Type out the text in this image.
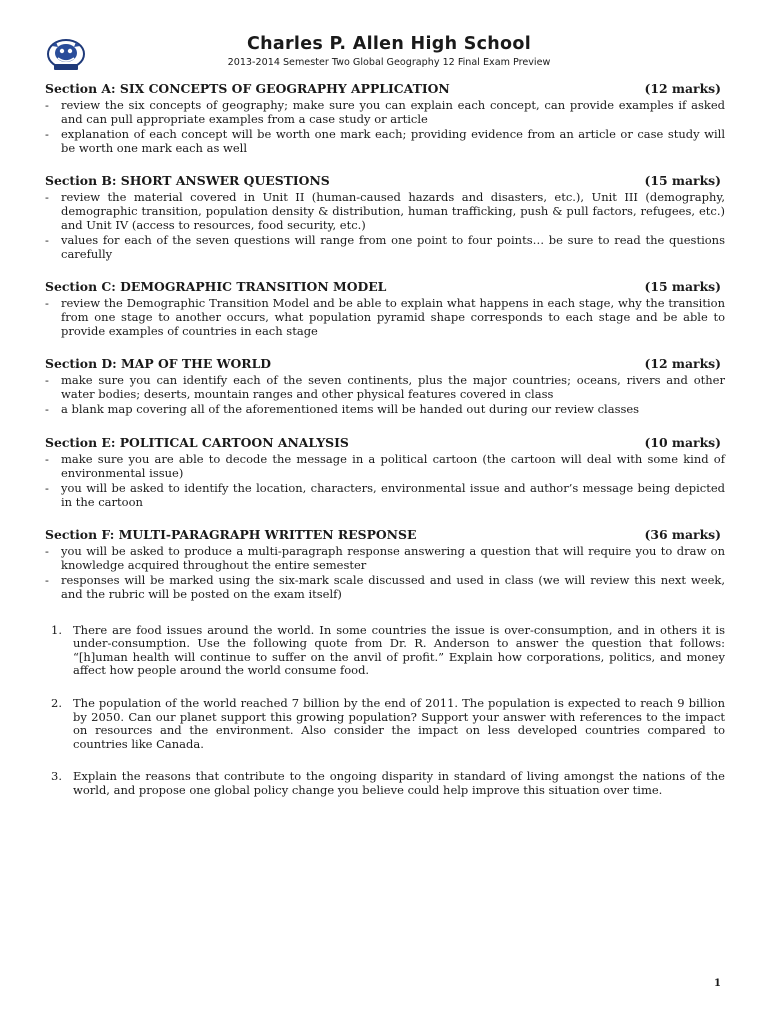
Charles P. Allen High School
2013-2014 Semester Two Global Geography 12 Final Exam Preview
Section A: SIX CONCEPTS OF GEOGRAPHY APPLICATION	(12 marks)
- review the six concepts of geography; make sure you can explain each concept, can provide examples if asked and can pull appropriate examples from a case study or article
- explanation of each concept will be worth one mark each; providing evidence from an article or case study will be worth one mark each as well
Section B: SHORT ANSWER QUESTIONS	(15 marks)
- review the material covered in Unit II (human-caused hazards and disasters, etc.), Unit III (demography, demographic transition, population density & distribution, human trafficking, push & pull factors, refugees, etc.) and Unit IV (access to resources, food security, etc.)
- values for each of the seven questions will range from one point to four points… be sure to read the questions carefully
Section C: DEMOGRAPHIC TRANSITION MODEL	(15 marks)
- review the Demographic Transition Model and be able to explain what happens in each stage, why the transition from one stage to another occurs, what population pyramid shape corresponds to each stage and be able to provide examples of countries in each stage
Section D: MAP OF THE WORLD	(12 marks)
- make sure you can identify each of the seven continents, plus the major countries; oceans, rivers and other water bodies; deserts, mountain ranges and other physical features covered in class
- a blank map covering all of the aforementioned items will be handed out during our review classes
Section E: POLITICAL CARTOON ANALYSIS	(10 marks)
- make sure you are able to decode the message in a political cartoon (the cartoon will deal with some kind of environmental issue)
- you will be asked to identify the location, characters, environmental issue and author’s message being depicted in the cartoon
Section F: MULTI-PARAGRAPH WRITTEN RESPONSE	(36 marks)
- you will be asked to produce a multi-paragraph response answering a question that will require you to draw on knowledge acquired throughout the entire semester
- responses will be marked using the six-mark scale discussed and used in class (we will review this next week, and the rubric will be posted on the exam itself)
1. There are food issues around the world. In some countries the issue is over-consumption, and in others it is under-consumption. Use the following quote from Dr. R. Anderson to answer the question that follows: “[h]uman health will continue to suffer on the anvil of profit.” Explain how corporations, politics, and money affect how people around the world consume food.
2. The population of the world reached 7 billion by the end of 2011. The population is expected to reach 9 billion by 2050. Can our planet support this growing population? Support your answer with references to the impact on resources and the environment. Also consider the impact on less developed countries compared to countries like Canada.
3. Explain the reasons that contribute to the ongoing disparity in standard of living amongst the nations of the world, and propose one global policy change you believe could help improve this situation over time.
1
